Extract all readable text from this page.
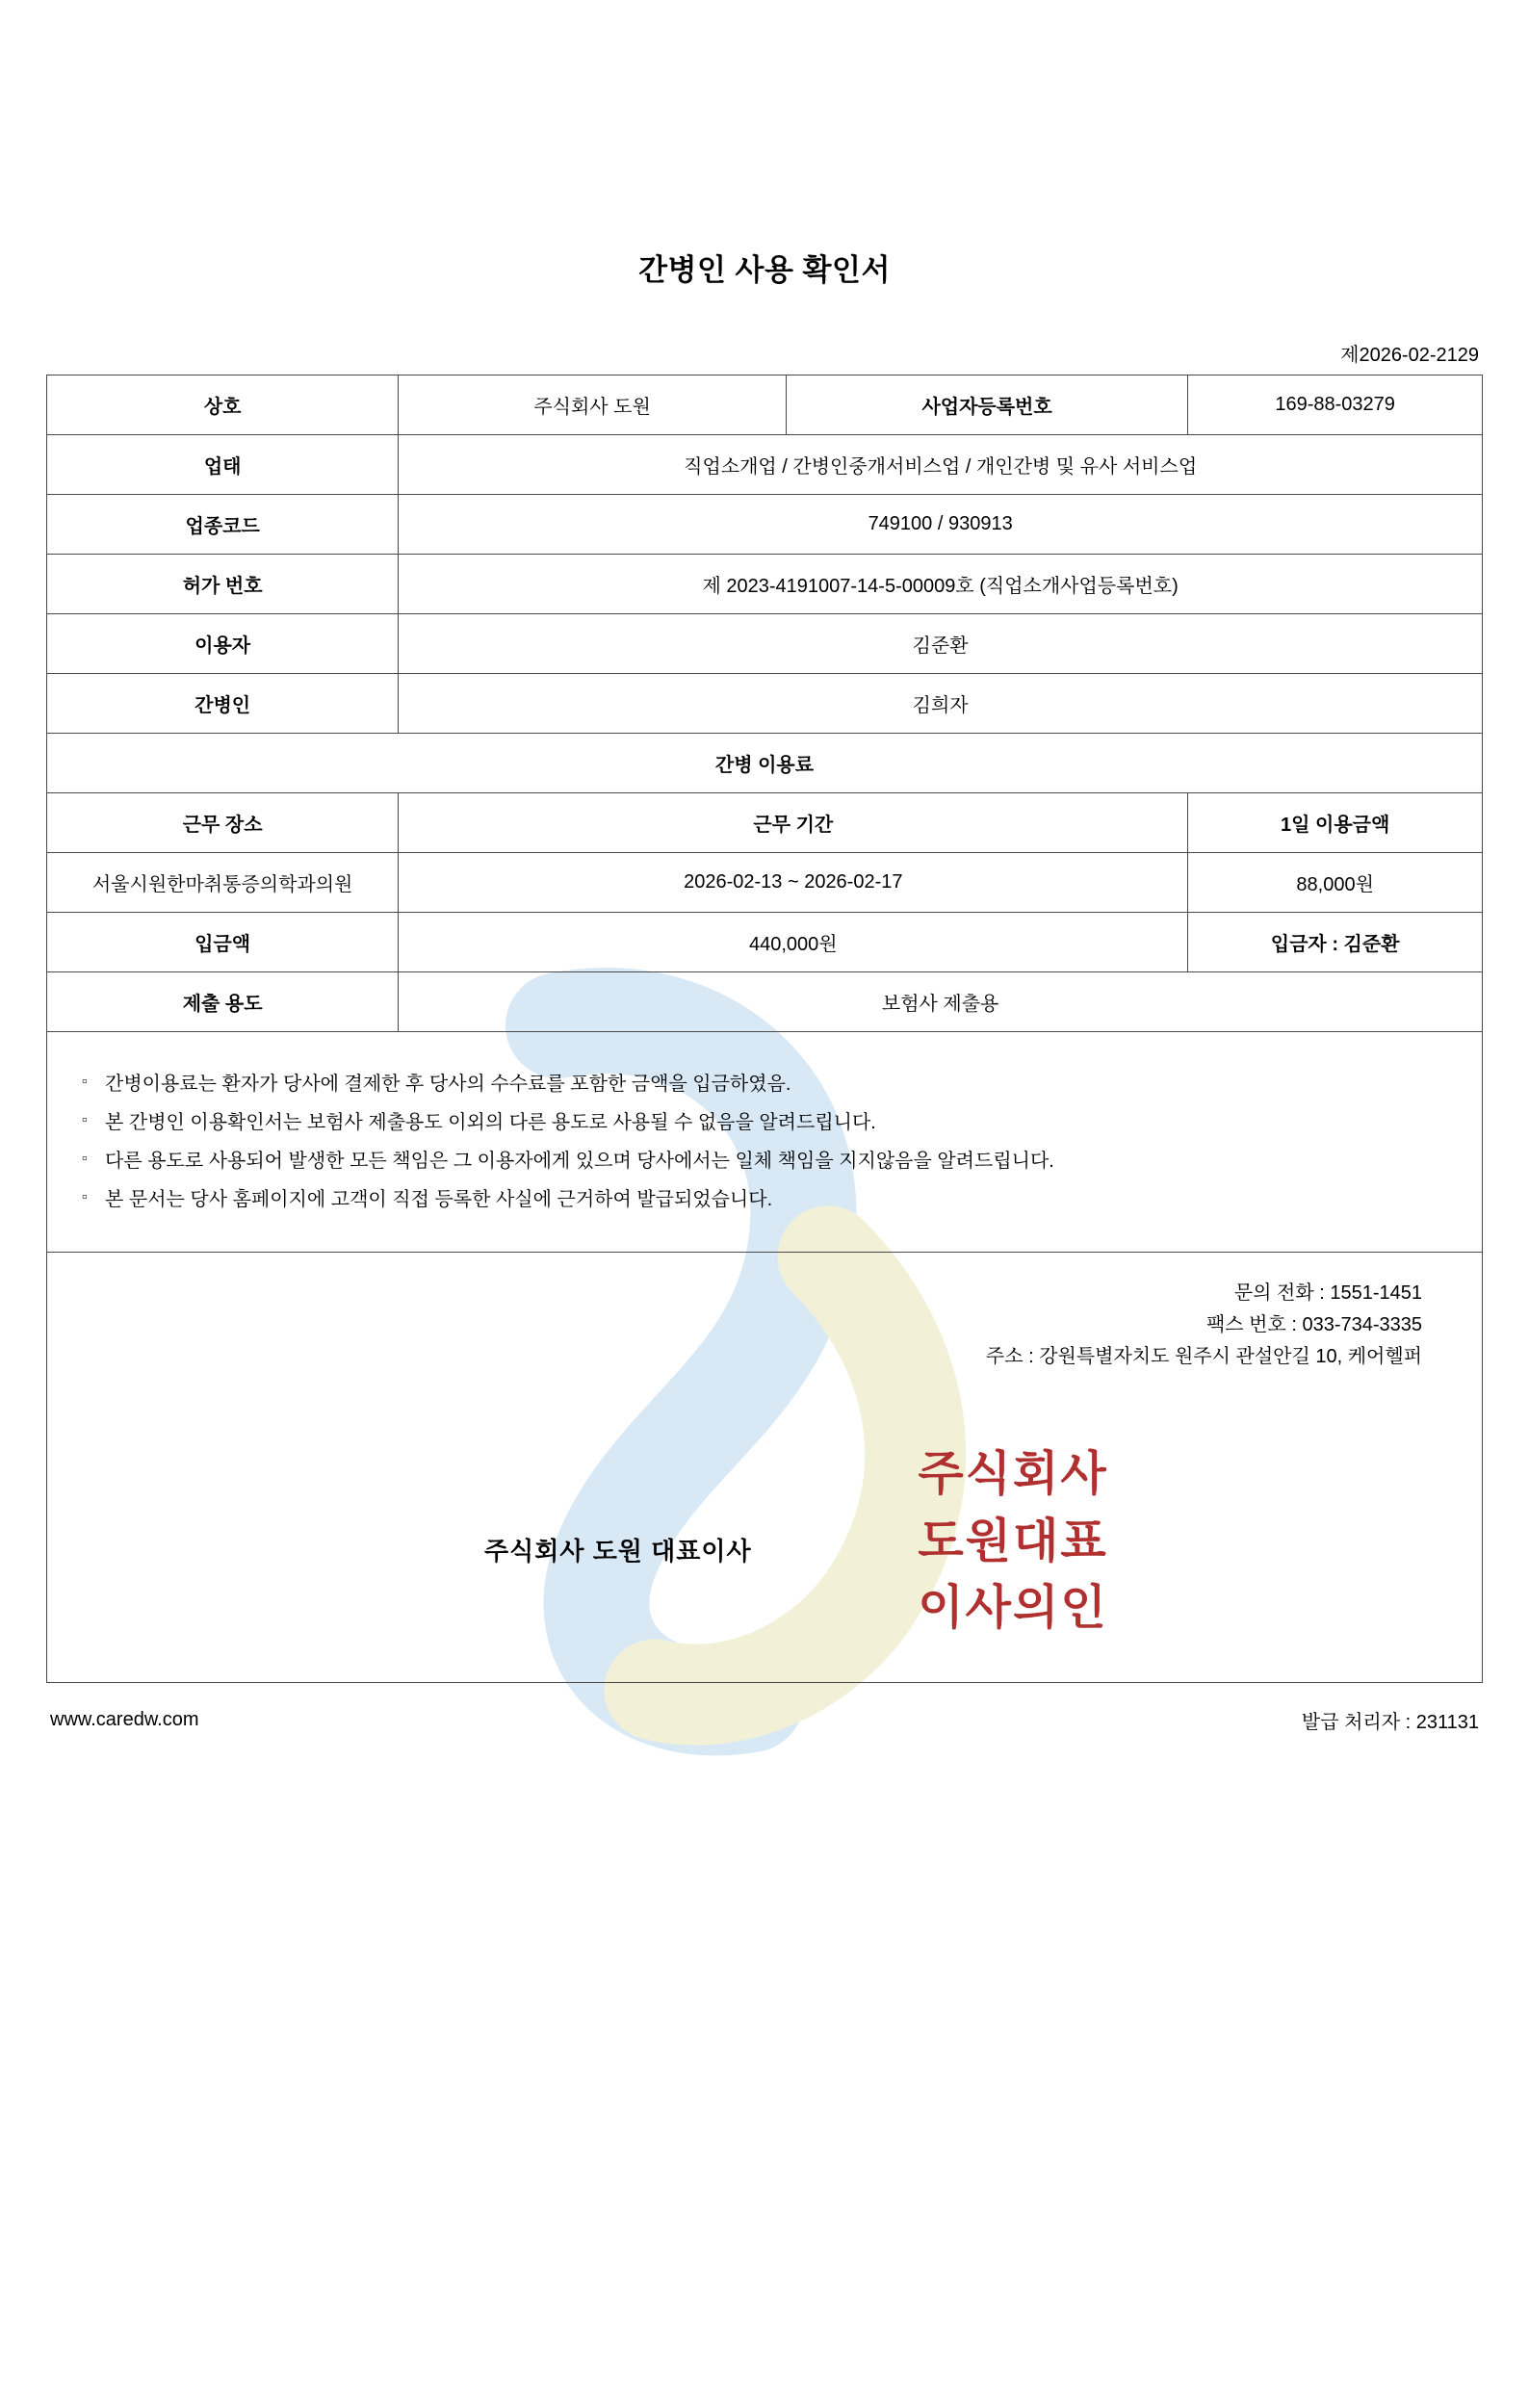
간병인 사용 확인서
제2026-02-2129
상호	주식회사 도원	사업자등록번호	169-88-03279
업태	직업소개업 / 간병인중개서비스업 / 개인간병 및 유사 서비스업		
업종코드	749100 / 930913		
허가 번호	제 2023-4191007-14-5-00009호 (직업소개사업등록번호)		
이용자	김준환		
간병인	김희자		
간병 이용료			
근무 장소	근무 기간		1일 이용금액
서울시원한마취통증의학과의원	2026-02-13 ~ 2026-02-17		88,000원
입금액	440,000원		입금자 : 김준환
제출 용도	보험사 제출용		

▫ 간병이용료는 환자가 당사에 결제한 후 당사의 수수료를 포함한 금액을 입금하였음.
▫ 본 간병인 이용확인서는 보험사 제출용도 이외의 다른 용도로 사용될 수 없음을 알려드립니다.
▫ 다른 용도로 사용되어 발생한 모든 책임은 그 이용자에게 있으며 당사에서는 일체 책임을 지지않음을 알려드립니다.
▫ 본 문서는 당사 홈페이지에 고객이 직접 등록한 사실에 근거하여 발급되었습니다.

문의 전화 : 1551-1451
팩스 번호 : 033-734-3335
주소 : 강원특별자치도 원주시 관설안길 10, 케어헬퍼
주식회사 도원 대표이사
주식회사
도원대표
이사의인
www.caredw.com	발급 처리자 : 231131
